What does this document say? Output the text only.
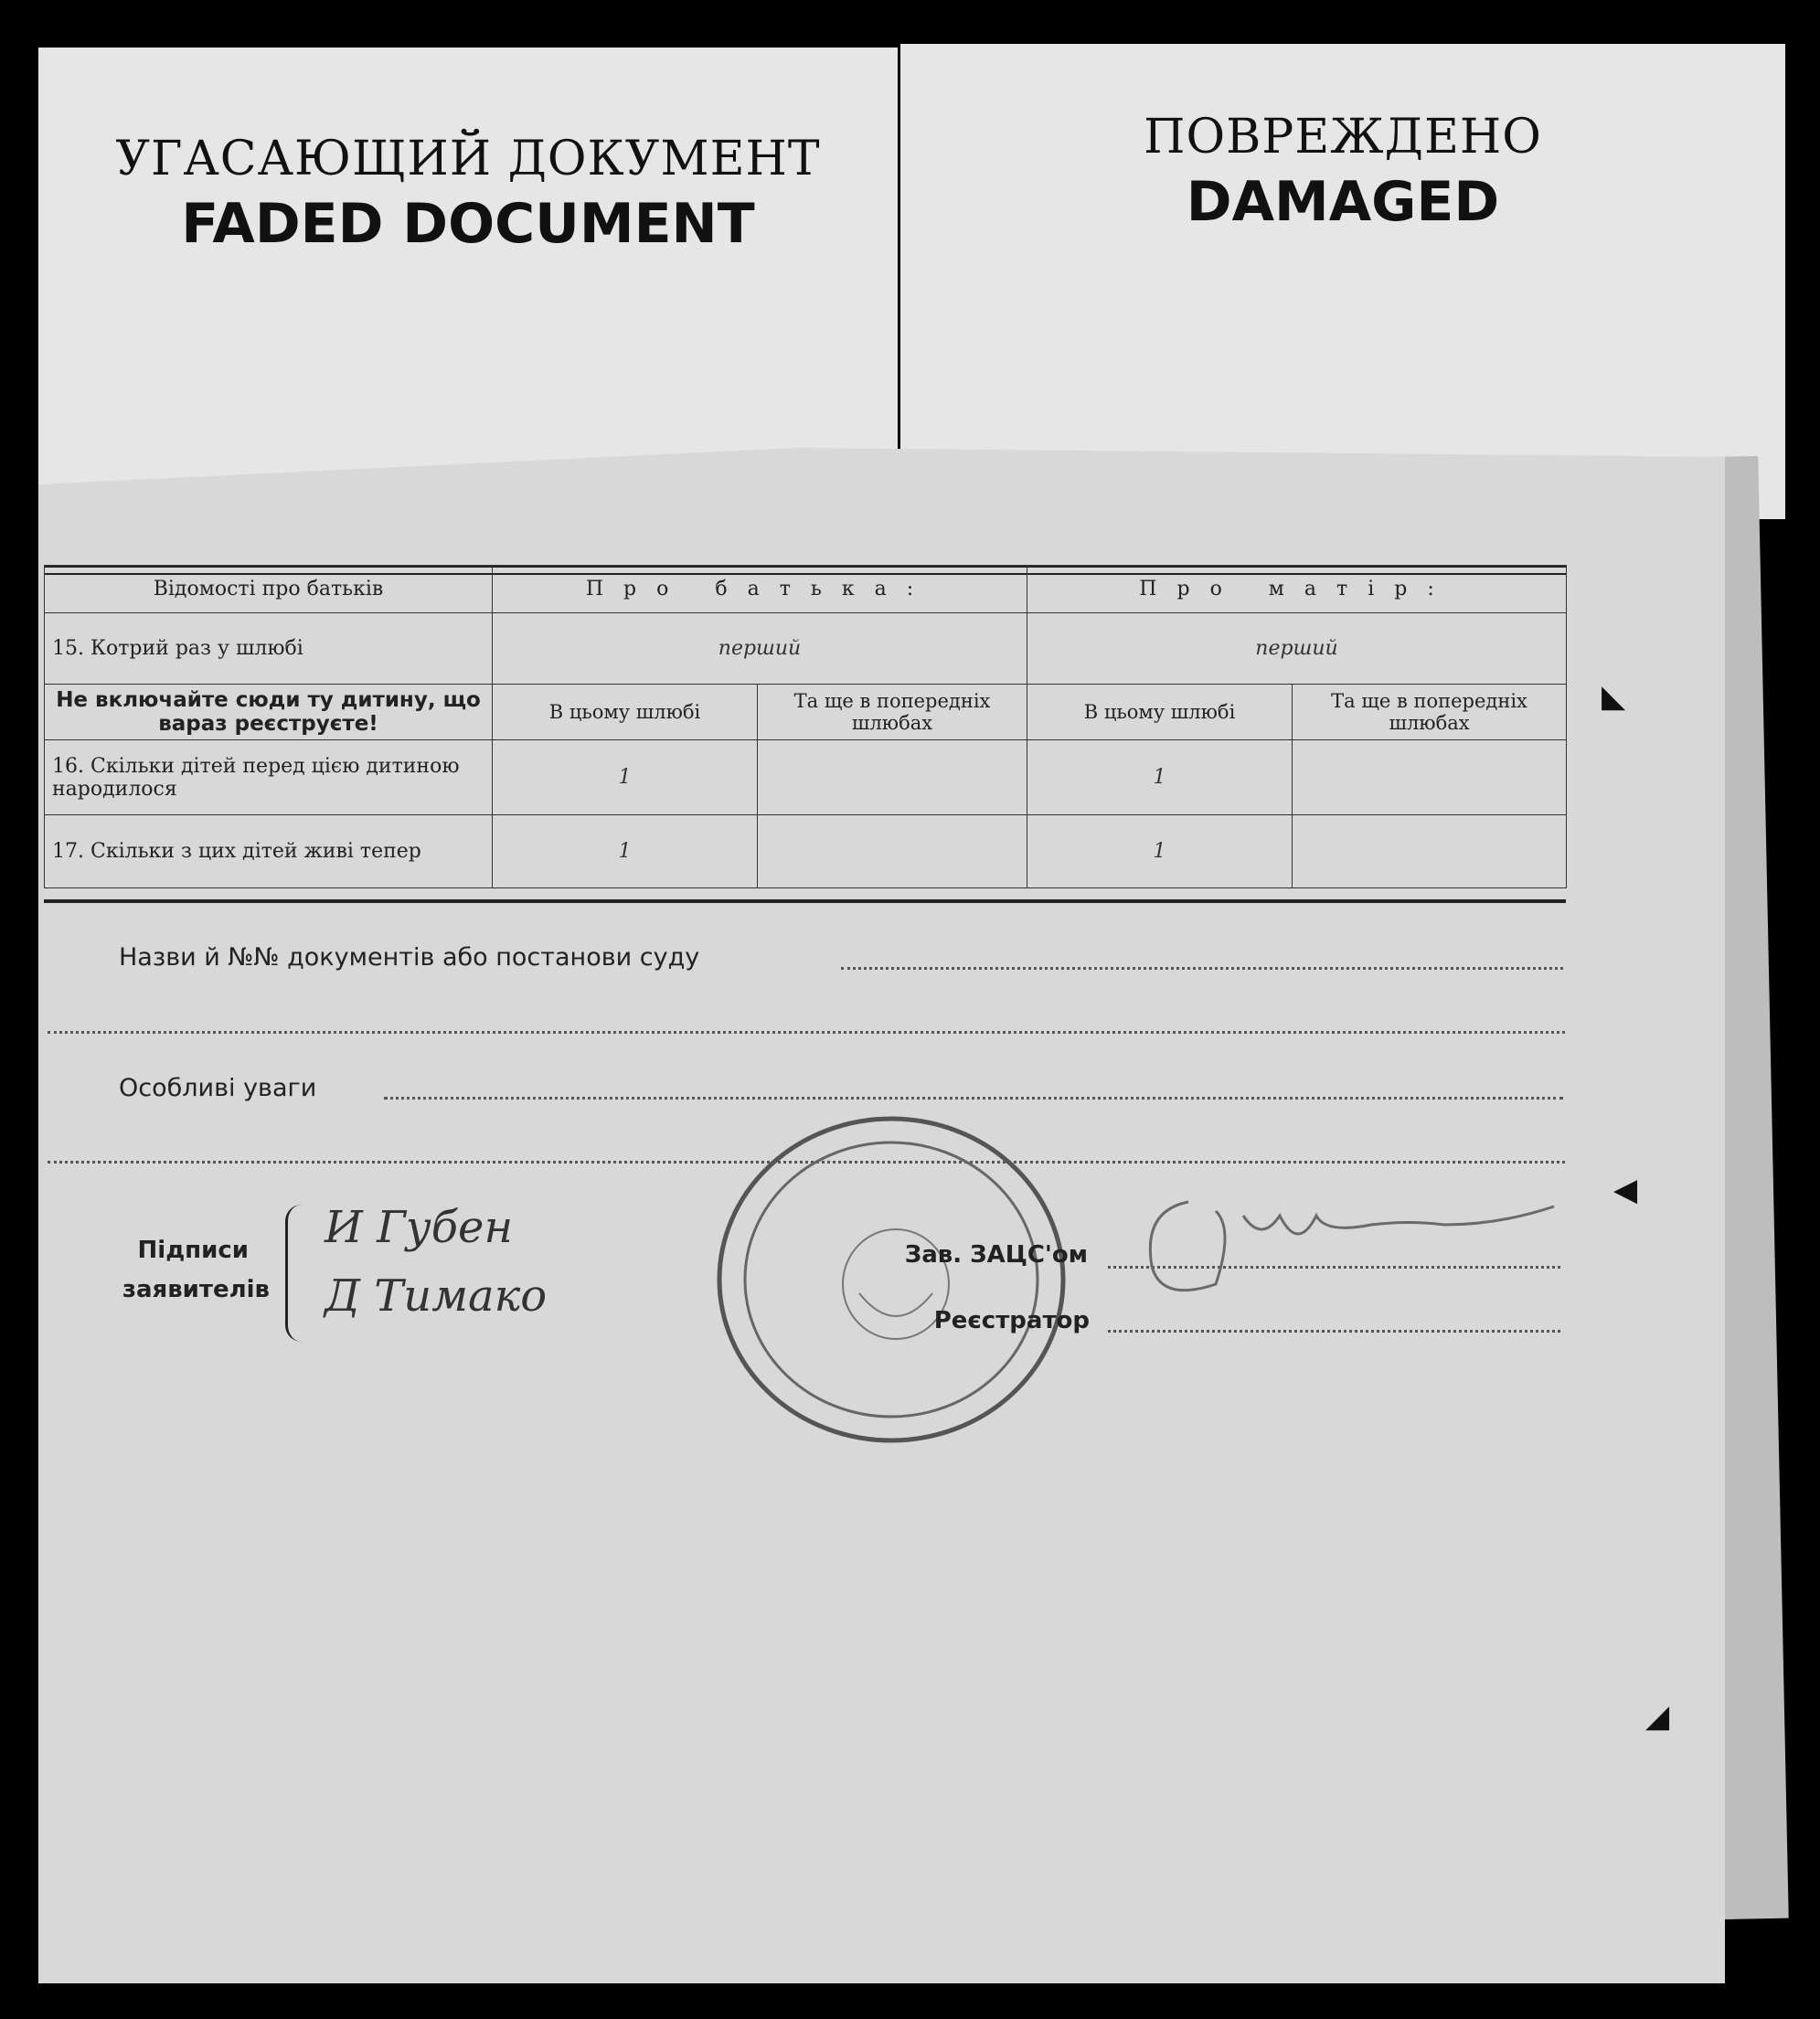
УГАСАЮЩИЙ ДОКУМЕНТ
FADED DOCUMENT
ПОВРЕЖДЕНО
DAMAGED
Відомості про батьків	Про батька:		Про матір:	
15. Котрий раз у шлюбі	перший		перший	
Не включайте сюди ту дитину, що вараз реєструєте!	В цьому шлюбі	Та ще в попередніх шлюбах	В цьому шлюбі	Та ще в попередніх шлюбах
16. Скільки дітей перед цією дитиною народилося	1		1	
17. Скільки з цих дітей живі тепер	1		1	
Назви й №№ документів або постанови суду
Особливі уваги
Підписи
заявителів
И Губен
Д Тимако
Зав. ЗАЦС'ом
Реєстратор
◣
◀
◢
